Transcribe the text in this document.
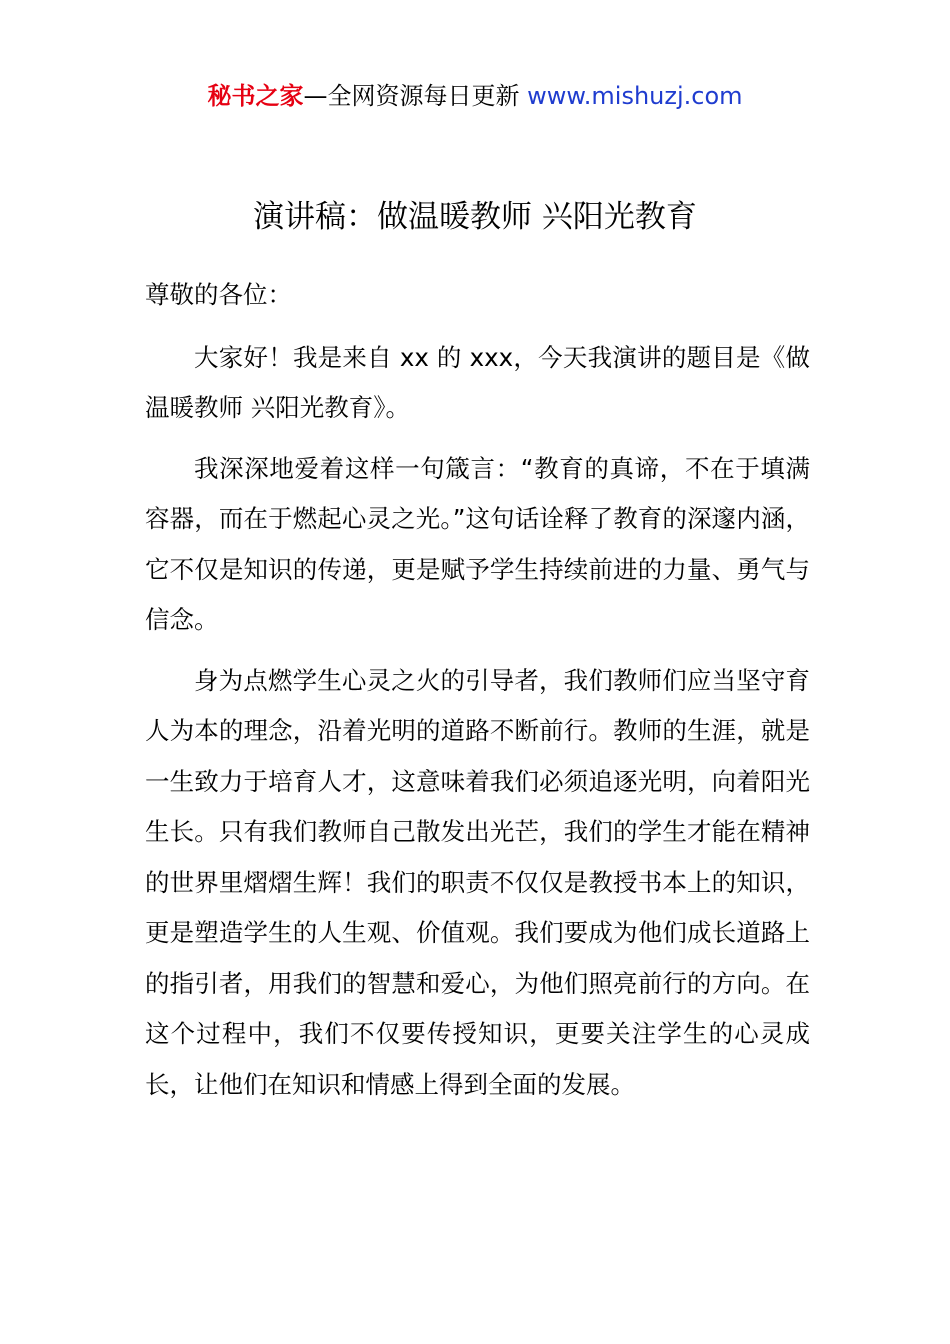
秘书之家—全网资源每日更新 www.mishuzj.com
演讲稿：做温暖教师 兴阳光教育

尊敬的各位：

大家好！我是来自 xx 的 xxx，今天我演讲的题目是《做温暖教师 兴阳光教育》。

我深深地爱着这样一句箴言：“教育的真谛，不在于填满容器，而在于燃起心灵之光。”这句话诠释了教育的深邃内涵，它不仅是知识的传递，更是赋予学生持续前进的力量、勇气与信念。

身为点燃学生心灵之火的引导者，我们教师们应当坚守育人为本的理念，沿着光明的道路不断前行。教师的生涯，就是一生致力于培育人才，这意味着我们必须追逐光明，向着阳光生长。只有我们教师自己散发出光芒，我们的学生才能在精神的世界里熠熠生辉！我们的职责不仅仅是教授书本上的知识，更是塑造学生的人生观、价值观。我们要成为他们成长道路上的指引者，用我们的智慧和爱心，为他们照亮前行的方向。在这个过程中，我们不仅要传授知识，更要关注学生的心灵成长，让他们在知识和情感上得到全面的发展。
